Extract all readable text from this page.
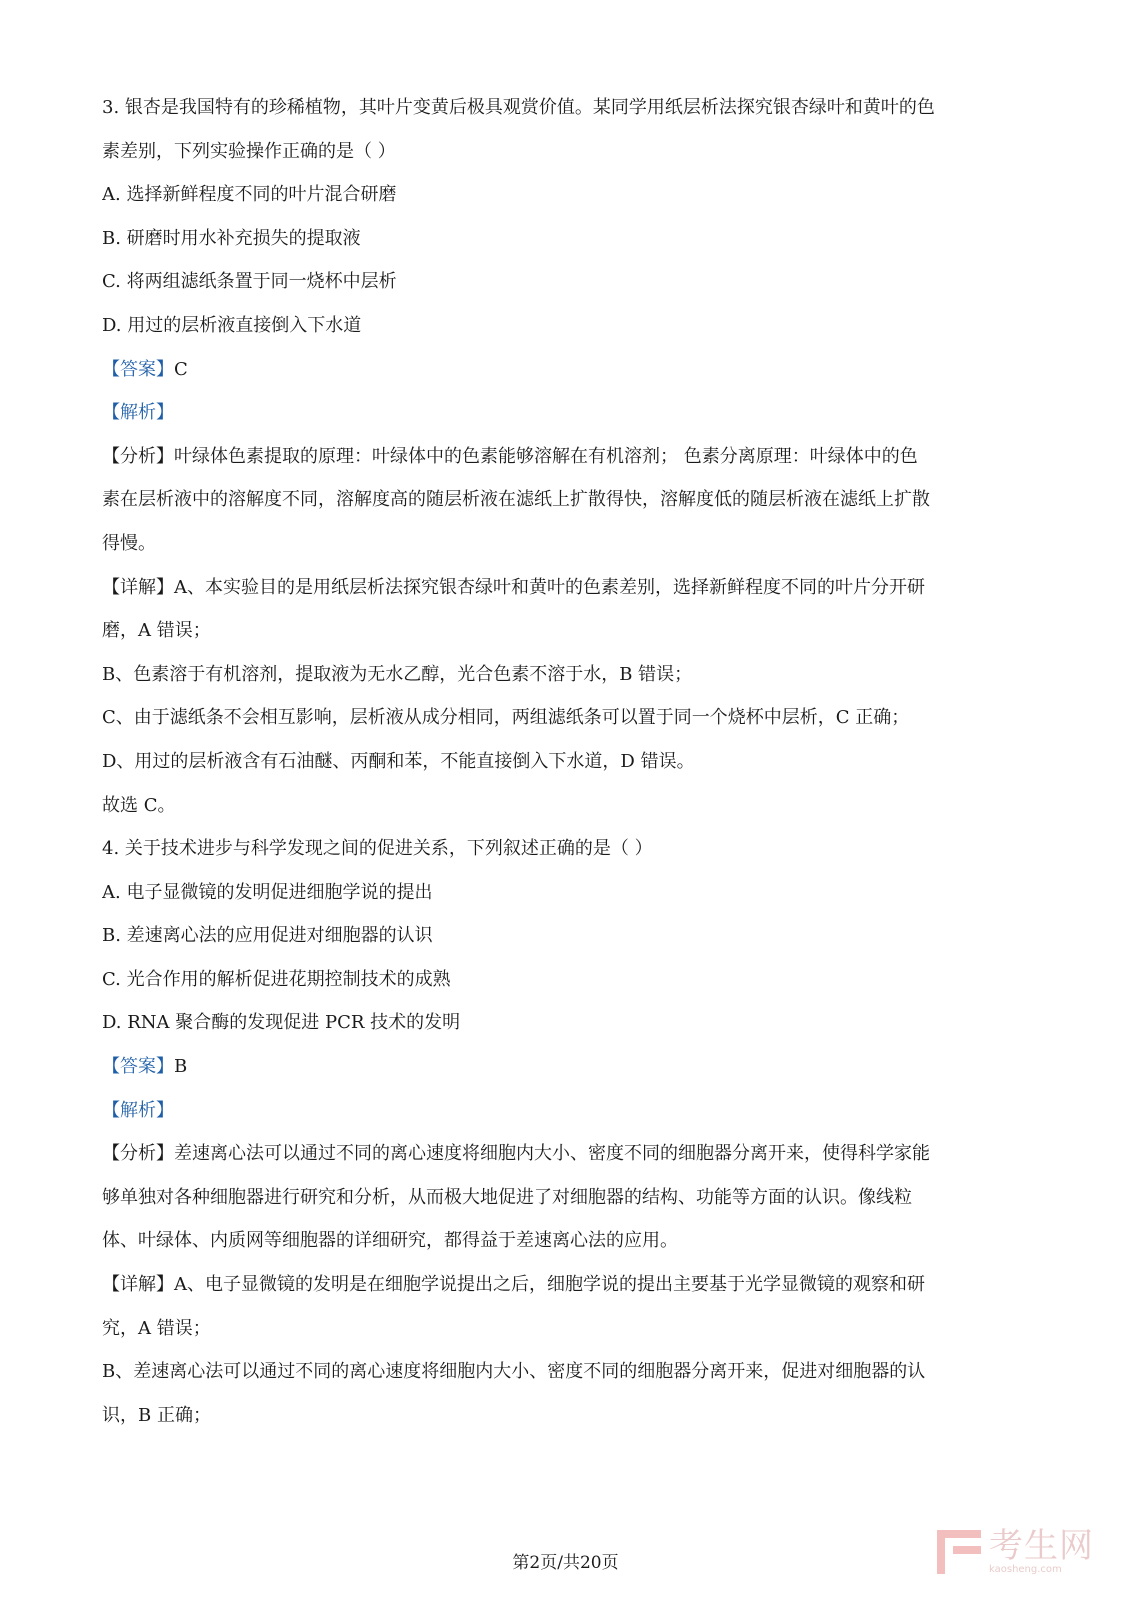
3. 银杏是我国特有的珍稀植物，其叶片变黄后极具观赏价值。某同学用纸层析法探究银杏绿叶和黄叶的色
素差别，下列实验操作正确的是（ ）
A. 选择新鲜程度不同的叶片混合研磨
B. 研磨时用水补充损失的提取液
C. 将两组滤纸条置于同一烧杯中层析
D. 用过的层析液直接倒入下水道
【答案】C
【解析】
【分析】叶绿体色素提取的原理：叶绿体中的色素能够溶解在有机溶剂； 色素分离原理：叶绿体中的色
素在层析液中的溶解度不同，溶解度高的随层析液在滤纸上扩散得快，溶解度低的随层析液在滤纸上扩散
得慢。
【详解】A、本实验目的是用纸层析法探究银杏绿叶和黄叶的色素差别，选择新鲜程度不同的叶片分开研
磨，A 错误；
B、色素溶于有机溶剂，提取液为无水乙醇，光合色素不溶于水，B 错误；
C、由于滤纸条不会相互影响，层析液从成分相同，两组滤纸条可以置于同一个烧杯中层析，C 正确；
D、用过的层析液含有石油醚、丙酮和苯，不能直接倒入下水道，D 错误。
故选 C。
4. 关于技术进步与科学发现之间的促进关系，下列叙述正确的是（ ）
A. 电子显微镜的发明促进细胞学说的提出
B. 差速离心法的应用促进对细胞器的认识
C. 光合作用的解析促进花期控制技术的成熟
D. RNA 聚合酶的发现促进 PCR 技术的发明
【答案】B
【解析】
【分析】差速离心法可以通过不同的离心速度将细胞内大小、密度不同的细胞器分离开来，使得科学家能
够单独对各种细胞器进行研究和分析，从而极大地促进了对细胞器的结构、功能等方面的认识。像线粒
体、叶绿体、内质网等细胞器的详细研究，都得益于差速离心法的应用。
【详解】A、电子显微镜的发明是在细胞学说提出之后，细胞学说的提出主要基于光学显微镜的观察和研
究，A 错误；
B、差速离心法可以通过不同的离心速度将细胞内大小、密度不同的细胞器分离开来，促进对细胞器的认
识，B 正确；
第2页/共20页	考生网
kaosheng.com
